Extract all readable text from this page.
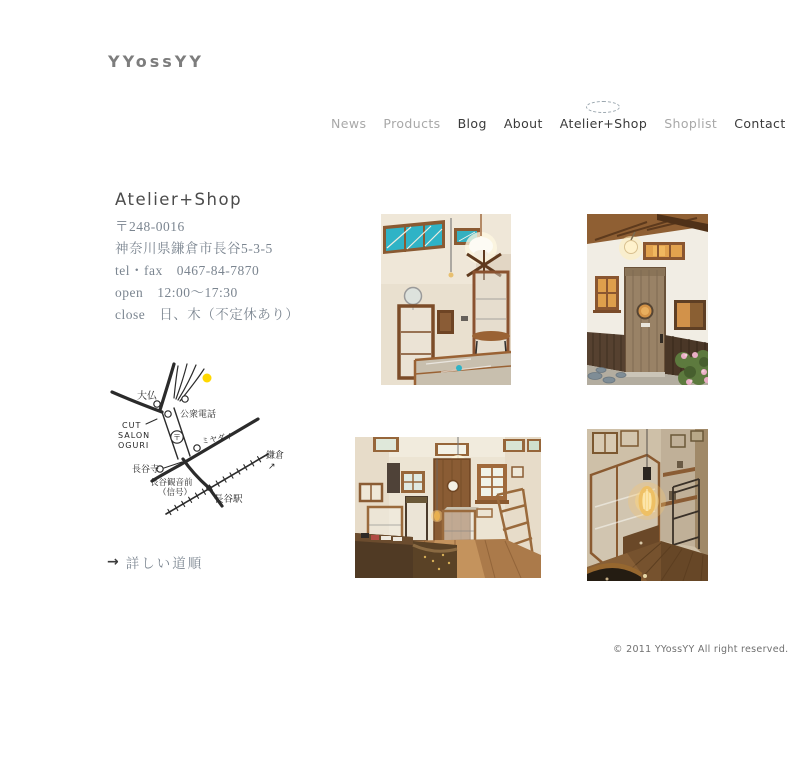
YYossYY
News Products Blog About Atelier+Shop Shoplist Contact
Atelier+Shop
〒248-0016
神奈川県鎌倉市長谷5-3-5
tel・fax　0467-84-7870
open　12:00～17:30
close　日、木（不定休あり）
〒
大仏
公衆電話
CUT
SALON
OGURI	ミヤダイ
長谷寺
長谷観音前
（信号）
長谷駅
鎌倉
↗
→ 詳しい道順
© 2011 YYossYY All right reserved.
